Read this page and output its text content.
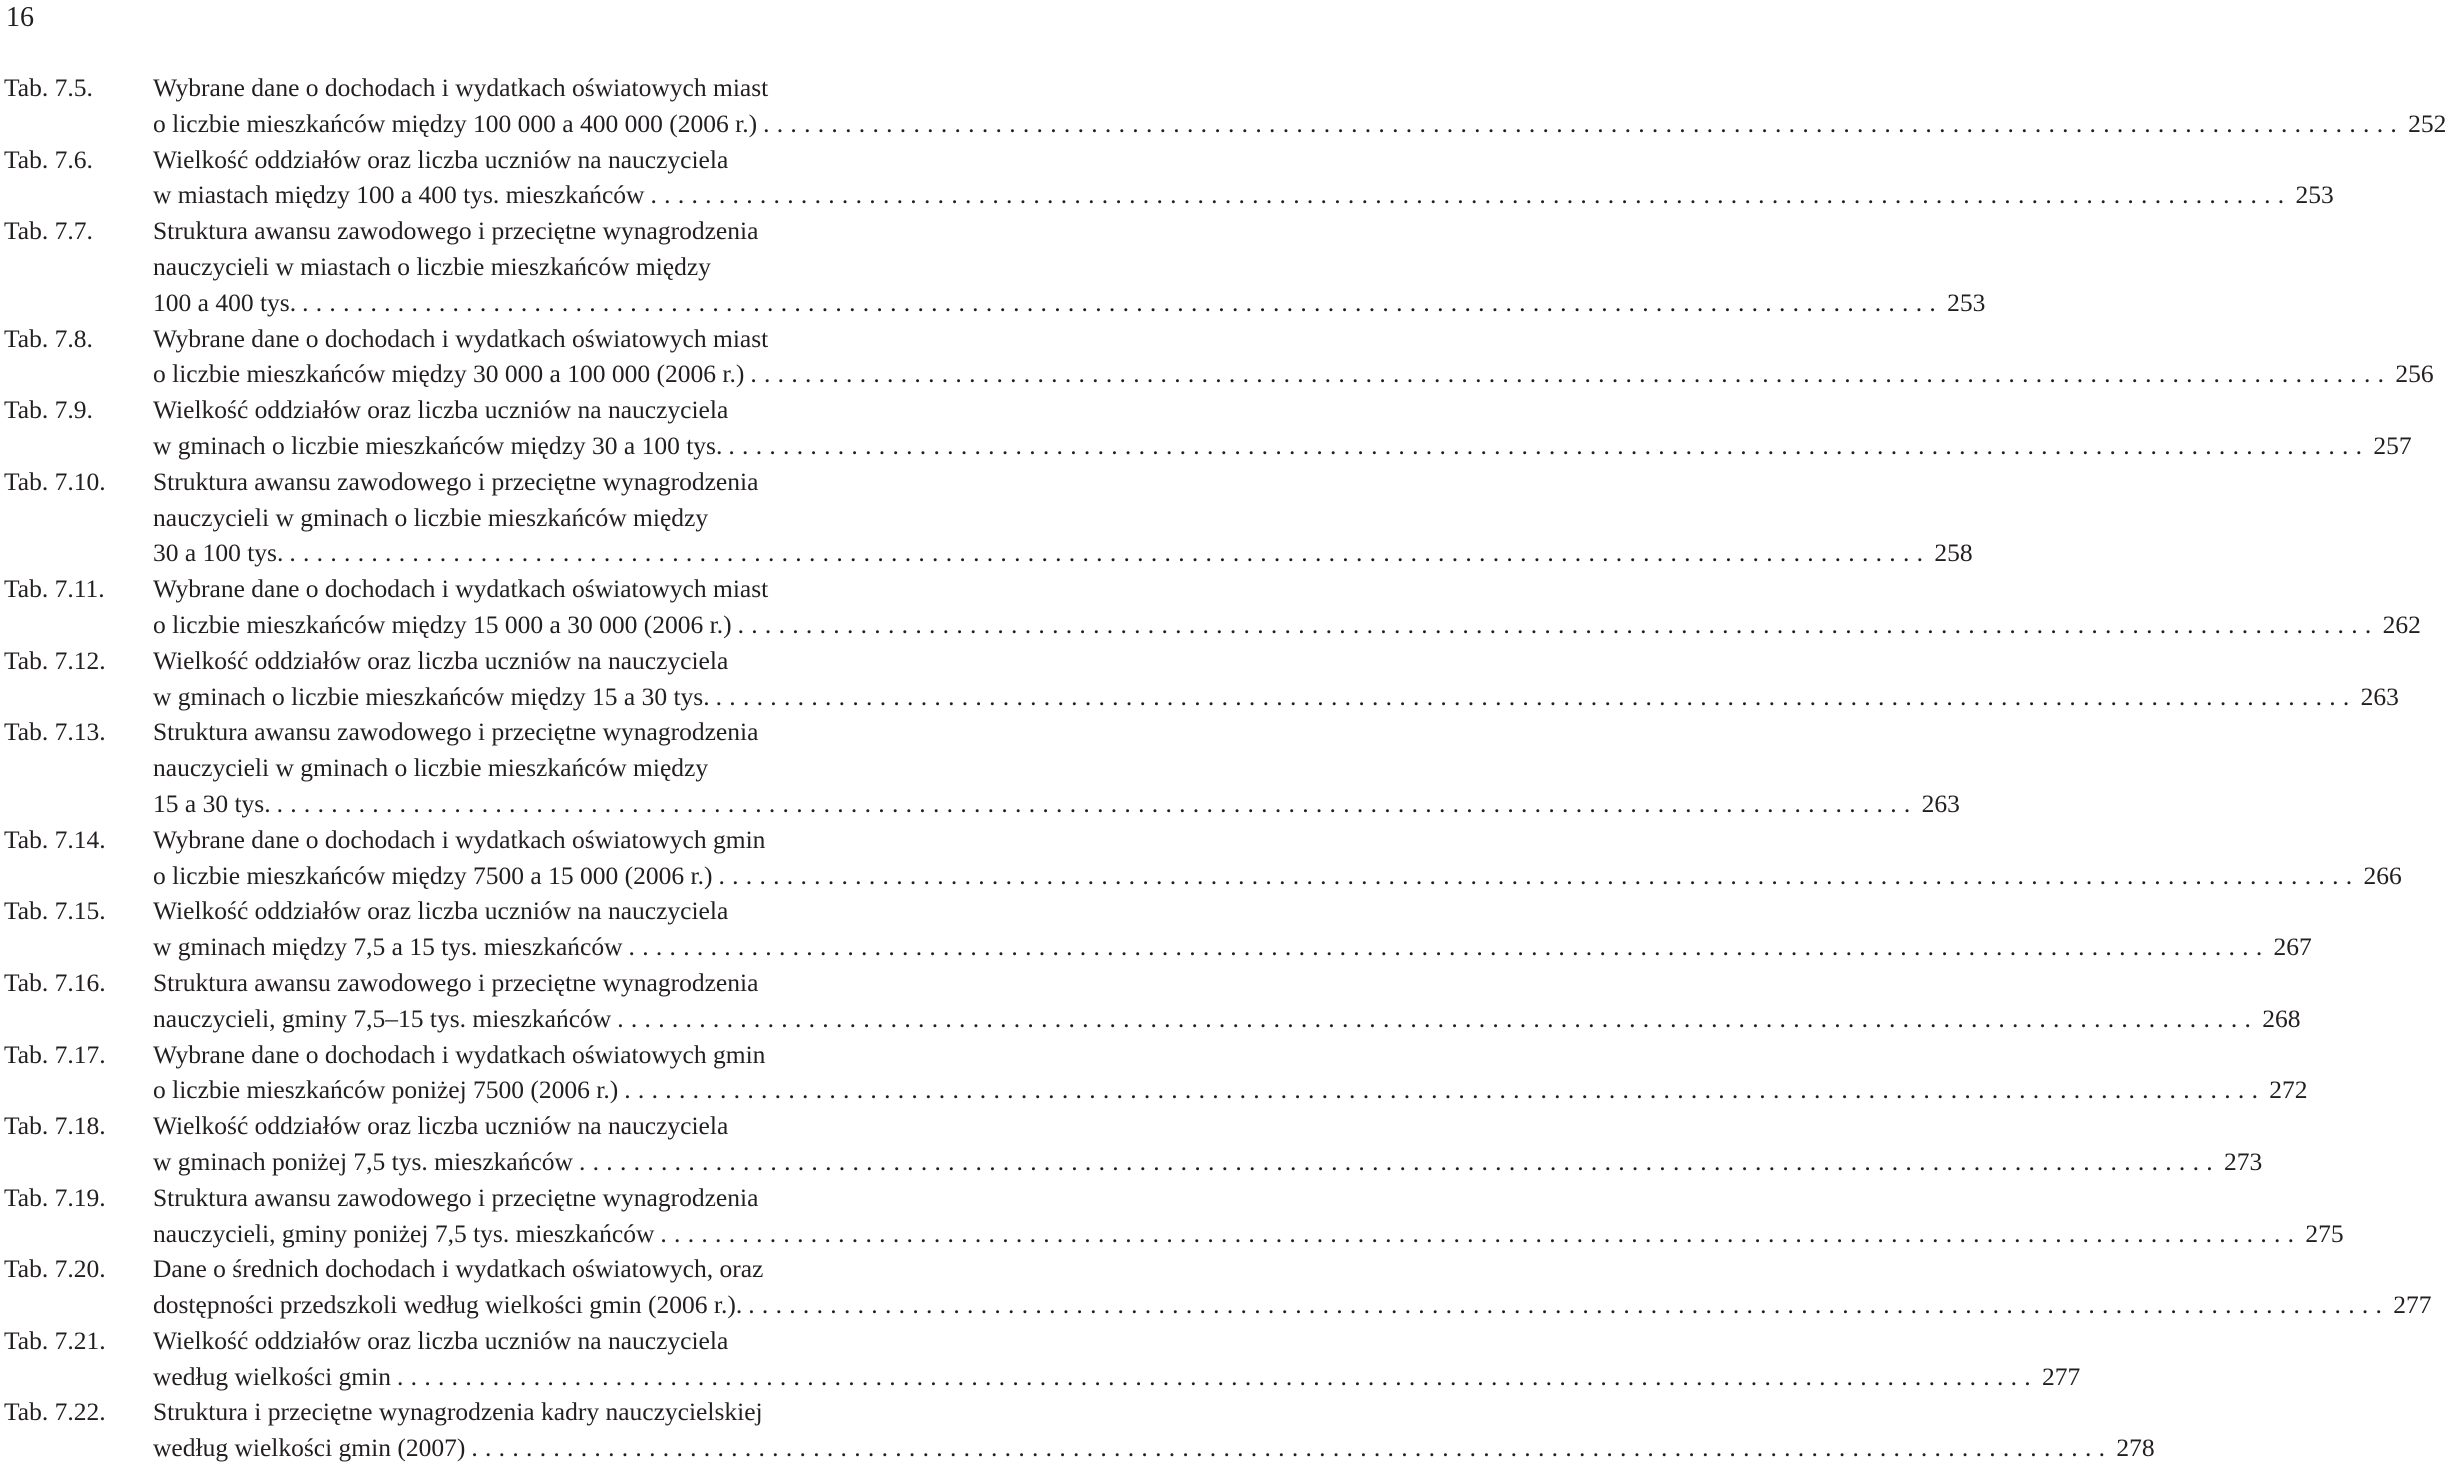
16
Tab. 7.5. Wybrane dane o dochodach i wydatkach oświatowych miast
o liczbie mieszkańców między 100 000 a 400 000 (2006 r.) ........................................................................................................................ 252
Tab. 7.6. Wielkość oddziałów oraz liczba uczniów na nauczyciela
w miastach między 100 a 400 tys. mieszkańców ........................................................................................................................ 253
Tab. 7.7. Struktura awansu zawodowego i przeciętne wynagrodzenia
nauczycieli w miastach o liczbie mieszkańców między
100 a 400 tys. ........................................................................................................................ 253
Tab. 7.8. Wybrane dane o dochodach i wydatkach oświatowych miast
o liczbie mieszkańców między 30 000 a 100 000 (2006 r.) ........................................................................................................................ 256
Tab. 7.9. Wielkość oddziałów oraz liczba uczniów na nauczyciela
w gminach o liczbie mieszkańców między 30 a 100 tys. ........................................................................................................................ 257
Tab. 7.10. Struktura awansu zawodowego i przeciętne wynagrodzenia
nauczycieli w gminach o liczbie mieszkańców między
30 a 100 tys. ........................................................................................................................ 258
Tab. 7.11. Wybrane dane o dochodach i wydatkach oświatowych miast
o liczbie mieszkańców między 15 000 a 30 000 (2006 r.) ........................................................................................................................ 262
Tab. 7.12. Wielkość oddziałów oraz liczba uczniów na nauczyciela
w gminach o liczbie mieszkańców między 15 a 30 tys. ........................................................................................................................ 263
Tab. 7.13. Struktura awansu zawodowego i przeciętne wynagrodzenia
nauczycieli w gminach o liczbie mieszkańców między
15 a 30 tys. ........................................................................................................................ 263
Tab. 7.14. Wybrane dane o dochodach i wydatkach oświatowych gmin
o liczbie mieszkańców między 7500 a 15 000 (2006 r.) ........................................................................................................................ 266
Tab. 7.15. Wielkość oddziałów oraz liczba uczniów na nauczyciela
w gminach między 7,5 a 15 tys. mieszkańców ........................................................................................................................ 267
Tab. 7.16. Struktura awansu zawodowego i przeciętne wynagrodzenia
nauczycieli, gminy 7,5–15 tys. mieszkańców ........................................................................................................................ 268
Tab. 7.17. Wybrane dane o dochodach i wydatkach oświatowych gmin
o liczbie mieszkańców poniżej 7500 (2006 r.) ........................................................................................................................ 272
Tab. 7.18. Wielkość oddziałów oraz liczba uczniów na nauczyciela
w gminach poniżej 7,5 tys. mieszkańców ........................................................................................................................ 273
Tab. 7.19. Struktura awansu zawodowego i przeciętne wynagrodzenia
nauczycieli, gminy poniżej 7,5 tys. mieszkańców ........................................................................................................................ 275
Tab. 7.20. Dane o średnich dochodach i wydatkach oświatowych, oraz
dostępności przedszkoli według wielkości gmin (2006 r.). ........................................................................................................................ 277
Tab. 7.21. Wielkość oddziałów oraz liczba uczniów na nauczyciela
według wielkości gmin ........................................................................................................................ 277
Tab. 7.22. Struktura i przeciętne wynagrodzenia kadry nauczycielskiej
według wielkości gmin (2007) ........................................................................................................................ 278
